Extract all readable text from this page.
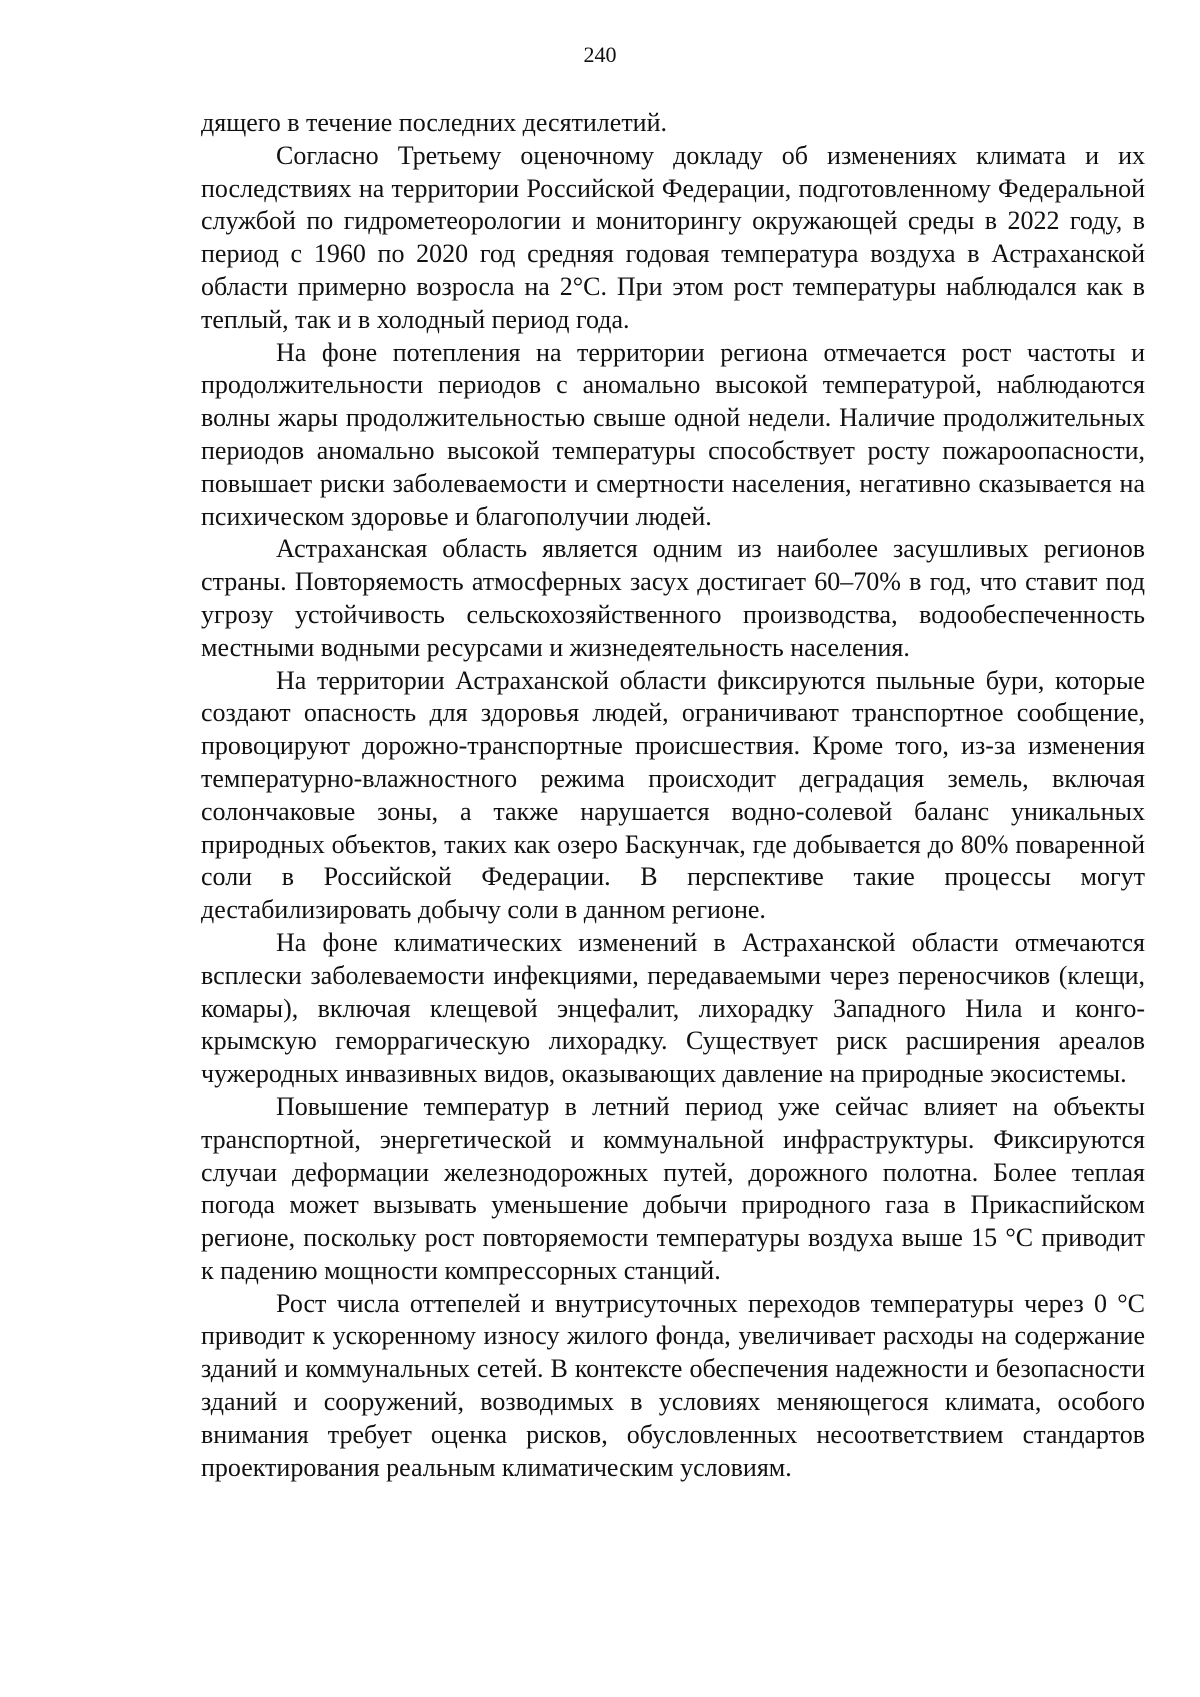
240

дящего в течение последних десятилетий.

Согласно Третьему оценочному докладу об изменениях климата и их последствиях на территории Российской Федерации, подготовленному Федеральной службой по гидрометеорологии и мониторингу окружающей среды в 2022 году, в период с 1960 по 2020 год средняя годовая температура воздуха в Астраханской области примерно возросла на 2°С. При этом рост температуры наблюдался как в теплый, так и в холодный период года.

На фоне потепления на территории региона отмечается рост частоты и продолжительности периодов с аномально высокой температурой, наблюдаются волны жары продолжительностью свыше одной недели. Наличие продолжительных периодов аномально высокой температуры способствует росту пожароопасности, повышает риски заболеваемости и смертности населения, негативно сказывается на психическом здоровье и благополучии людей.

Астраханская область является одним из наиболее засушливых регионов страны. Повторяемость атмосферных засух достигает 60–70% в год, что ставит под угрозу устойчивость сельскохозяйственного производства, водообеспеченность местными водными ресурсами и жизнедеятельность населения.

На территории Астраханской области фиксируются пыльные бури, которые создают опасность для здоровья людей, ограничивают транспортное сообщение, провоцируют дорожно-транспортные происшествия. Кроме того, из-за изменения температурно-влажностного режима происходит деградация земель, включая солончаковые зоны, а также нарушается водно-солевой баланс уникальных природных объектов, таких как озеро Баскунчак, где добывается до 80% поваренной соли в Российской Федерации. В перспективе такие процессы могут дестабилизировать добычу соли в данном регионе.

На фоне климатических изменений в Астраханской области отмечаются всплески заболеваемости инфекциями, передаваемыми через переносчиков (клещи, комары), включая клещевой энцефалит, лихорадку Западного Нила и конго-крымскую геморрагическую лихорадку. Существует риск расширения ареалов чужеродных инвазивных видов, оказывающих давление на природные экосистемы.

Повышение температур в летний период уже сейчас влияет на объекты транспортной, энергетической и коммунальной инфраструктуры. Фиксируются случаи деформации железнодорожных путей, дорожного полотна. Более теплая погода может вызывать уменьшение добычи природного газа в Прикаспийском регионе, поскольку рост повторяемости температуры воздуха выше 15 °С приводит к падению мощности компрессорных станций.

Рост числа оттепелей и внутрисуточных переходов температуры через 0 °С приводит к ускоренному износу жилого фонда, увеличивает расходы на содержание зданий и коммунальных сетей. В контексте обеспечения надежности и безопасности зданий и сооружений, возводимых в условиях меняющегося климата, особого внимания требует оценка рисков, обусловленных несоответствием стандартов проектирования реальным климатическим условиям.
